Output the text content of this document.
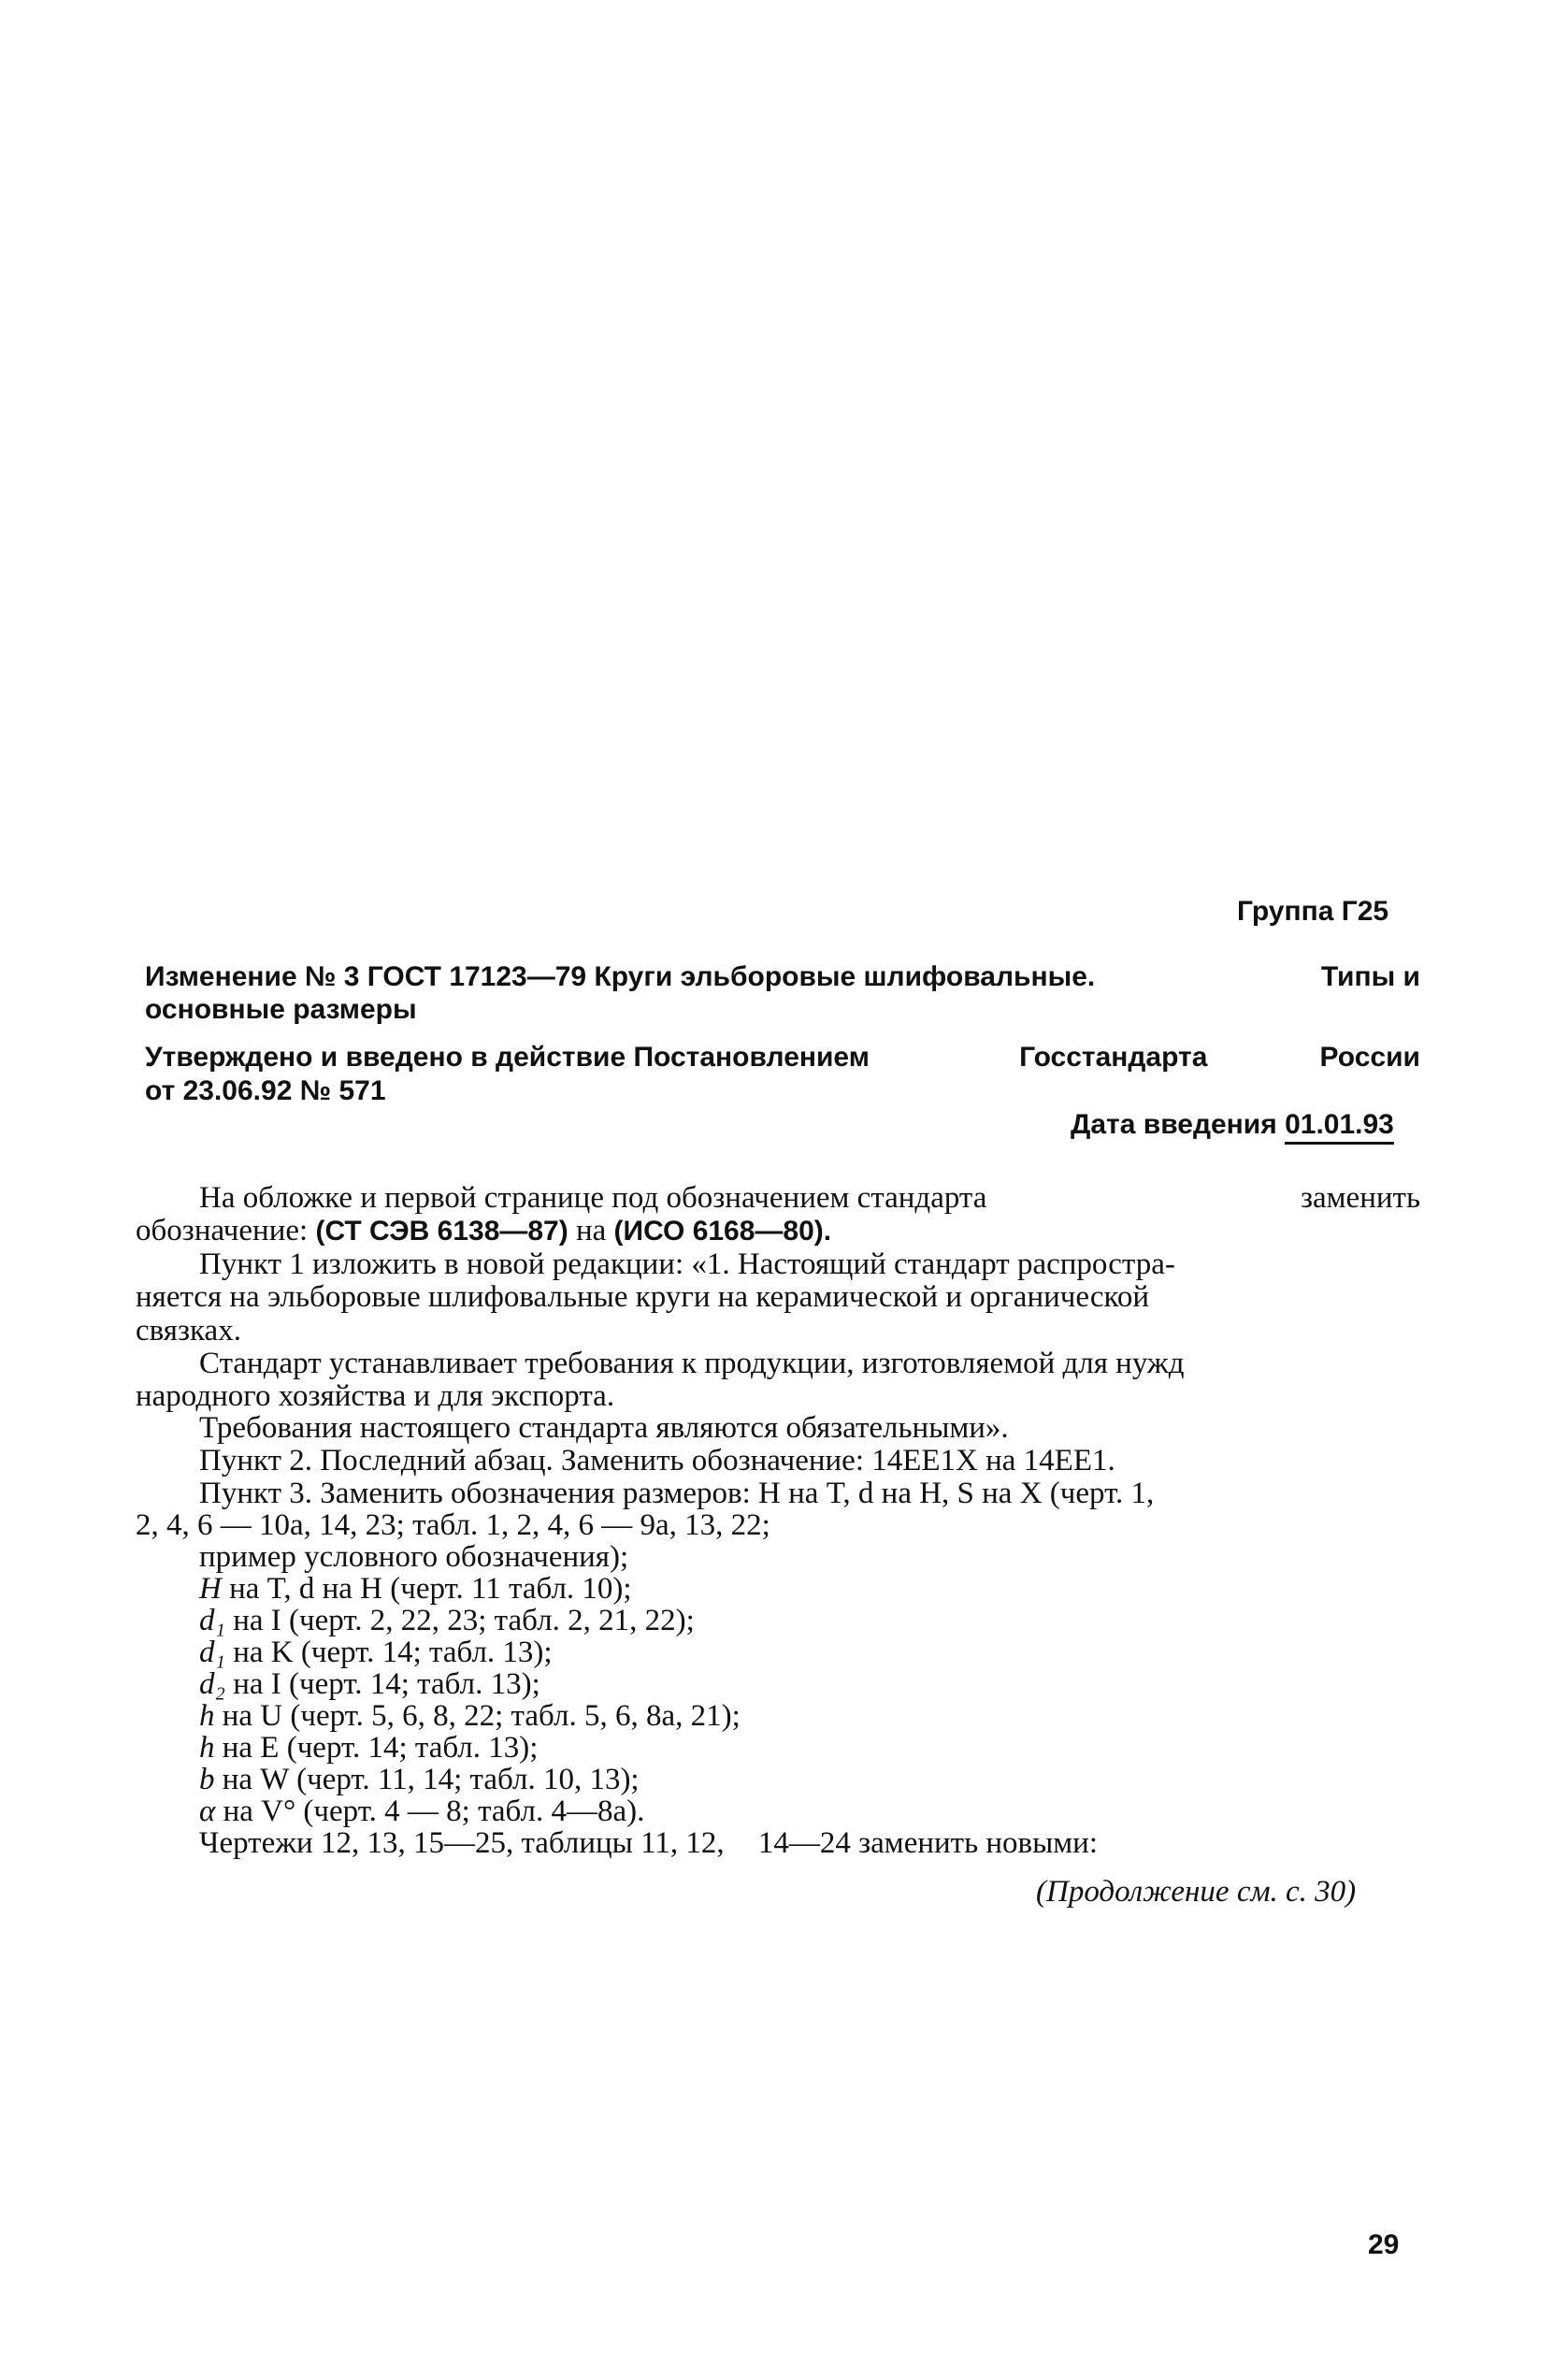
Группа Г25
Изменение № 3 ГОСТ 17123—79 Круги эльборовые шлифовальные.	Типы и
основные размеры
Утверждено и введено в действие Постановлением	Госстандарта	России
от 23.06.92 № 571
Дата введения 01.01.93
На обложке и первой странице под обозначением стандарта	заменить
обозначение: (СТ СЭВ 6138—87) на (ИСО 6168—80).
Пункт 1 изложить в новой редакции: «1. Настоящий стандарт распростра-
няется на эльборовые шлифовальные круги на керамической и органической
связках.
Стандарт устанавливает требования к продукции, изготовляемой для нужд
народного хозяйства и для экспорта.
Требования настоящего стандарта являются обязательными».
Пункт 2. Последний абзац. Заменить обозначение: 14EE1X на 14EE1.
Пункт 3. Заменить обозначения размеров: H на T, d на H, S на X (черт. 1,
2, 4, 6 — 10а, 14, 23; табл. 1, 2, 4, 6 — 9а, 13, 22;
пример условного обозначения);
H на T, d на H (черт. 11 табл. 10);
d₁ на I (черт. 2, 22, 23; табл. 2, 21, 22);
d₁ на K (черт. 14; табл. 13);
d₂ на I (черт. 14; табл. 13);
h на U (черт. 5, 6, 8, 22; табл. 5, 6, 8а, 21);
h на E (черт. 14; табл. 13);
b на W (черт. 11, 14; табл. 10, 13);
α на V° (черт. 4 — 8; табл. 4—8а).
Чертежи 12, 13, 15—25, таблицы 11, 12, 14—24 заменить новыми:
(Продолжение см. с. 30)
29
